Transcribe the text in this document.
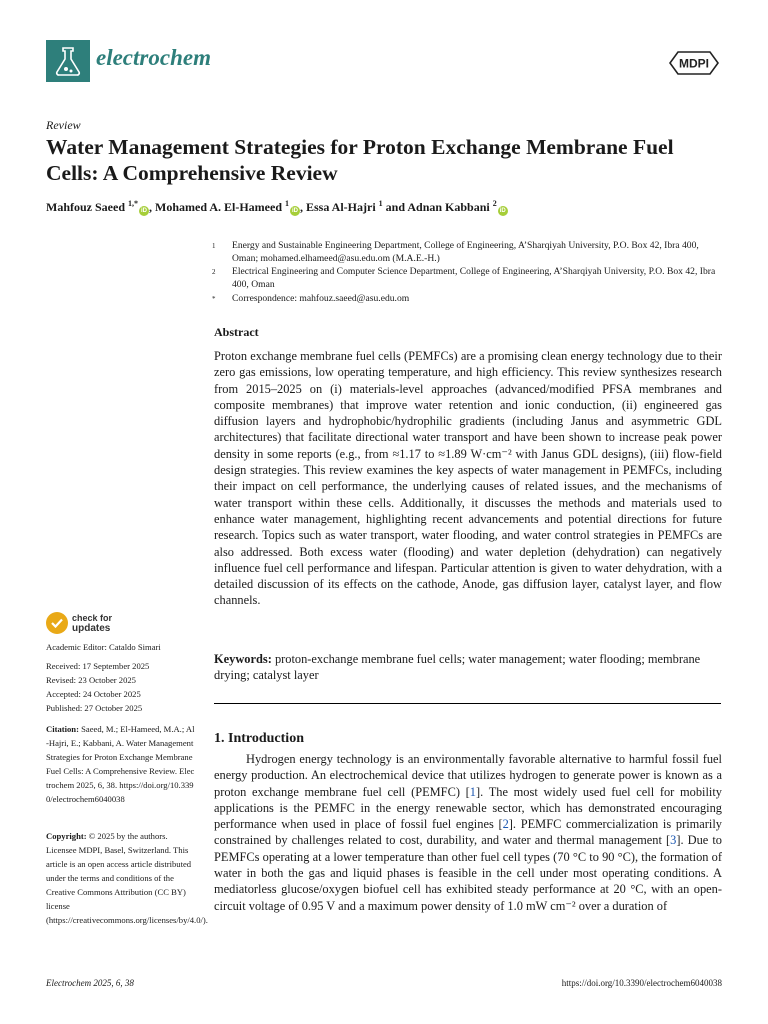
electrochem	MDPI
Review
Water Management Strategies for Proton Exchange Membrane Fuel Cells: A Comprehensive Review
Mahfouz Saeed $^{1,*}$iD , Mohamed A. El-Hameed $^1$iD , Essa Al-Hajri $^1$ and Adnan Kabbani $^2$iD
1 Energy and Sustainable Engineering Department, College of Engineering, A’Sharqiyah University, P.O. Box 42, Ibra 400, Oman; mohamed.elhameed@asu.edu.om (M.A.E.-H.)
2 Electrical Engineering and Computer Science Department, College of Engineering, A’Sharqiyah University, P.O. Box 42, Ibra 400, Oman
* Correspondence: mahfouz.saeed@asu.edu.om
Abstract
Proton exchange membrane fuel cells (PEMFCs) are a promising clean energy technology due to their zero gas emissions, low operating temperature, and high efficiency. This review synthesizes research from 2015–2025 on (i) materials-level approaches (advanced/modified PFSA membranes and composite membranes) that improve water retention and ionic conduction, (ii) engineered gas diffusion layers and hydrophobic/hydrophilic gradients (including Janus and asymmetric GDL architectures) that facilitate directional water transport and have been shown to increase peak power density in some reports (e.g., from ≈1.17 to ≈1.89 W·cm⁻² with Janus GDL designs), (iii) flow-field design strategies. This review examines the key aspects of water management in PEMFCs, including their impact on cell performance, the underlying causes of related issues, and the mechanisms of water transport within these cells. Additionally, it discusses the methods and materials used to enhance water management, highlighting recent advancements and potential directions for future research. Topics such as water transport, water flooding, and water control strategies in PEMFCs are also addressed. Both excess water (flooding) and water depletion (dehydration) can negatively influence fuel cell performance and lifespan. Particular attention is given to water dehydration, with a detailed discussion of its effects on the cathode, Anode, gas diffusion layer, catalyst layer, and flow channels.
Keywords: proton-exchange membrane fuel cells; water management; water flooding; membrane drying; catalyst layer
1. Introduction
Hydrogen energy technology is an environmentally favorable alternative to harmful fossil fuel energy production. An electrochemical device that utilizes hydrogen to generate power is known as a proton exchange membrane fuel cell (PEMFC) [1]. The most widely used fuel cell for mobility applications is the PEMFC in the energy renewable sector, which has demonstrated encouraging performance when used in place of fossil fuel engines [2]. PEMFC commercialization is primarily constrained by challenges related to cost, durability, and water and thermal management [3]. Due to PEMFCs operating at a lower temperature than other fuel cell types (70 °C to 90 °C), the formation of water in both the gas and liquid phases is feasible in the cell under most operating conditions. A mediatorless glucose/oxygen biofuel cell has exhibited steady performance at 20 °C, with an open-circuit voltage of 0.95 V and a maximum power density of 1.0 mW cm⁻² over a duration of
check for
updates
Academic Editor: Cataldo Simari
Received: 17 September 2025
Revised: 23 October 2025
Accepted: 24 October 2025
Published: 27 October 2025
Citation: Saeed, M.; El-Hameed, M.A.; Al-Hajri, E.; Kabbani, A. Water Management Strategies for Proton Exchange Membrane Fuel Cells: A Comprehensive Review. Electrochem 2025, 6, 38. https://doi.org/10.3390/electrochem6040038
Copyright: © 2025 by the authors. Licensee MDPI, Basel, Switzerland. This article is an open access article distributed under the terms and conditions of the Creative Commons Attribution (CC BY) license (https://creativecommons.org/licenses/by/4.0/).
Electrochem 2025, 6, 38	https://doi.org/10.3390/electrochem6040038
